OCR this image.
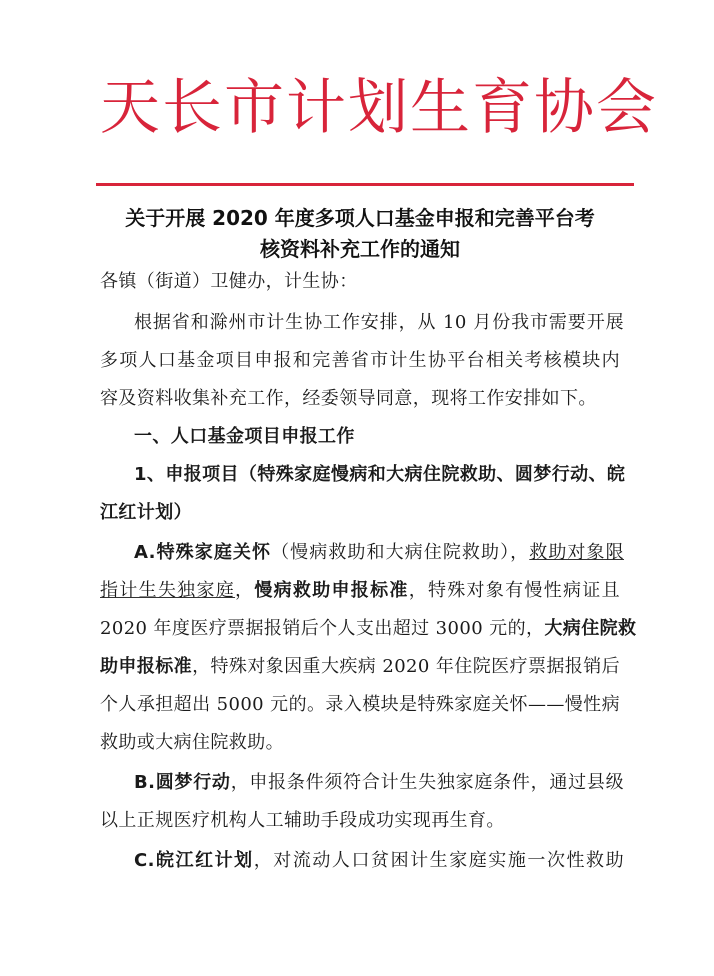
天长市计划生育协会
关于开展 2020 年度多项人口基金申报和完善平台考
核资料补充工作的通知
各镇（街道）卫健办，计生协：
根据省和滁州市计生协工作安排，从 10 月份我市需要开展
多项人口基金项目申报和完善省市计生协平台相关考核模块内
容及资料收集补充工作，经委领导同意，现将工作安排如下。
一、人口基金项目申报工作
1、申报项目（特殊家庭慢病和大病住院救助、圆梦行动、皖
江红计划）
A.特殊家庭关怀（慢病救助和大病住院救助），救助对象限
指计生失独家庭，慢病救助申报标准，特殊对象有慢性病证且
2020 年度医疗票据报销后个人支出超过 3000 元的，大病住院救
助申报标准，特殊对象因重大疾病 2020 年住院医疗票据报销后
个人承担超出 5000 元的。录入模块是特殊家庭关怀——慢性病
救助或大病住院救助。
B.圆梦行动，申报条件须符合计生失独家庭条件，通过县级
以上正规医疗机构人工辅助手段成功实现再生育。
C.皖江红计划，对流动人口贫困计生家庭实施一次性救助
